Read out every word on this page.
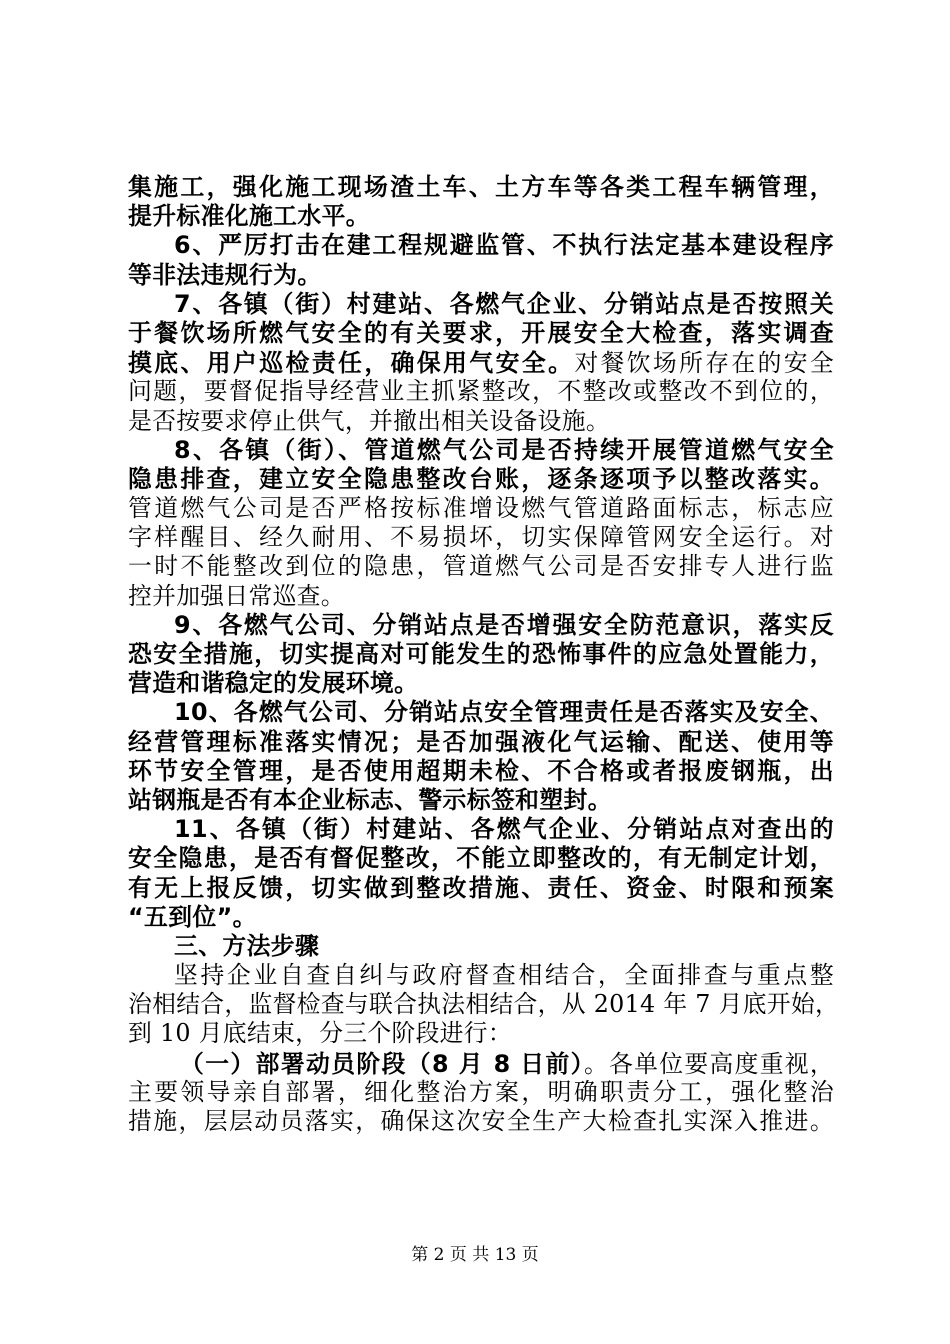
集施工，强化施工现场渣土车、土方车等各类工程车辆管理，
提升标准化施工水平。
6、严厉打击在建工程规避监管、不执行法定基本建设程序
等非法违规行为。
7、各镇（街）村建站、各燃气企业、分销站点是否按照关
于餐饮场所燃气安全的有关要求，开展安全大检查，落实调查
摸底、用户巡检责任，确保用气安全。对餐饮场所存在的安全
问题，要督促指导经营业主抓紧整改，不整改或整改不到位的，
是否按要求停止供气，并撤出相关设备设施。
8、各镇（街）、管道燃气公司是否持续开展管道燃气安全
隐患排查，建立安全隐患整改台账，逐条逐项予以整改落实。
管道燃气公司是否严格按标准增设燃气管道路面标志，标志应
字样醒目、经久耐用、不易损坏，切实保障管网安全运行。对
一时不能整改到位的隐患，管道燃气公司是否安排专人进行监
控并加强日常巡查。
9、各燃气公司、分销站点是否增强安全防范意识，落实反
恐安全措施，切实提高对可能发生的恐怖事件的应急处置能力，
营造和谐稳定的发展环境。
10、各燃气公司、分销站点安全管理责任是否落实及安全、
经营管理标准落实情况；是否加强液化气运输、配送、使用等
环节安全管理，是否使用超期未检、不合格或者报废钢瓶，出
站钢瓶是否有本企业标志、警示标签和塑封。
11、各镇（街）村建站、各燃气企业、分销站点对查出的
安全隐患，是否有督促整改，不能立即整改的，有无制定计划，
有无上报反馈，切实做到整改措施、责任、资金、时限和预案
“五到位”。
三、方法步骤
坚持企业自查自纠与政府督查相结合，全面排查与重点整
治相结合，监督检查与联合执法相结合，从 2014 年 7 月底开始，
到 10 月底结束，分三个阶段进行：
（一）部署动员阶段（8 月 8 日前）。各单位要高度重视，
主要领导亲自部署，细化整治方案，明确职责分工，强化整治
措施，层层动员落实，确保这次安全生产大检查扎实深入推进。
第 2 页 共 13 页
